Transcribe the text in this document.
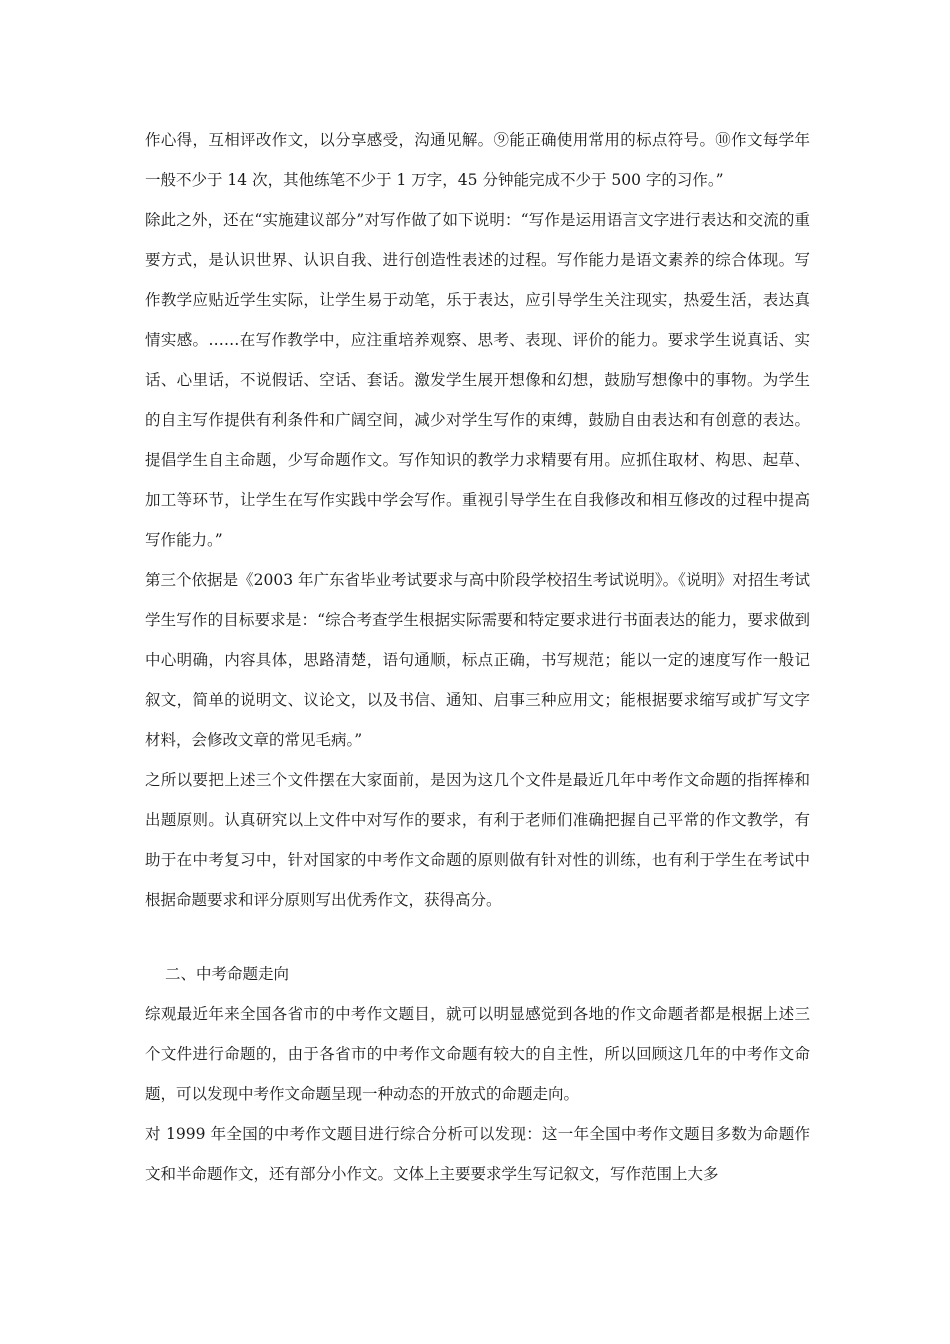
作心得，互相评改作文，以分享感受，沟通见解。⑨能正确使用常用的标点符号。⑩作文每学年一般不少于 14 次，其他练笔不少于 1 万字，45 分钟能完成不少于 500 字的习作。”

除此之外，还在“实施建议部分”对写作做了如下说明：“写作是运用语言文字进行表达和交流的重要方式，是认识世界、认识自我、进行创造性表述的过程。写作能力是语文素养的综合体现。写作教学应贴近学生实际，让学生易于动笔，乐于表达，应引导学生关注现实，热爱生活，表达真情实感。……在写作教学中，应注重培养观察、思考、表现、评价的能力。要求学生说真话、实话、心里话，不说假话、空话、套话。激发学生展开想像和幻想，鼓励写想像中的事物。为学生的自主写作提供有利条件和广阔空间，减少对学生写作的束缚，鼓励自由表达和有创意的表达。提倡学生自主命题，少写命题作文。写作知识的教学力求精要有用。应抓住取材、构思、起草、加工等环节，让学生在写作实践中学会写作。重视引导学生在自我修改和相互修改的过程中提高写作能力。”

第三个依据是《2003 年广东省毕业考试要求与高中阶段学校招生考试说明》。《说明》对招生考试学生写作的目标要求是：“综合考查学生根据实际需要和特定要求进行书面表达的能力，要求做到中心明确，内容具体，思路清楚，语句通顺，标点正确，书写规范；能以一定的速度写作一般记叙文，简单的说明文、议论文，以及书信、通知、启事三种应用文；能根据要求缩写或扩写文字材料，会修改文章的常见毛病。”

之所以要把上述三个文件摆在大家面前，是因为这几个文件是最近几年中考作文命题的指挥棒和出题原则。认真研究以上文件中对写作的要求，有利于老师们准确把握自己平常的作文教学，有助于在中考复习中，针对国家的中考作文命题的原则做有针对性的训练，也有利于学生在考试中根据命题要求和评分原则写出优秀作文，获得高分。

二、中考命题走向

综观最近年来全国各省市的中考作文题目，就可以明显感觉到各地的作文命题者都是根据上述三个文件进行命题的，由于各省市的中考作文命题有较大的自主性，所以回顾这几年的中考作文命题，可以发现中考作文命题呈现一种动态的开放式的命题走向。

对 1999 年全国的中考作文题目进行综合分析可以发现：这一年全国中考作文题目多数为命题作文和半命题作文，还有部分小作文。文体上主要要求学生写记叙文，写作范围上大多
